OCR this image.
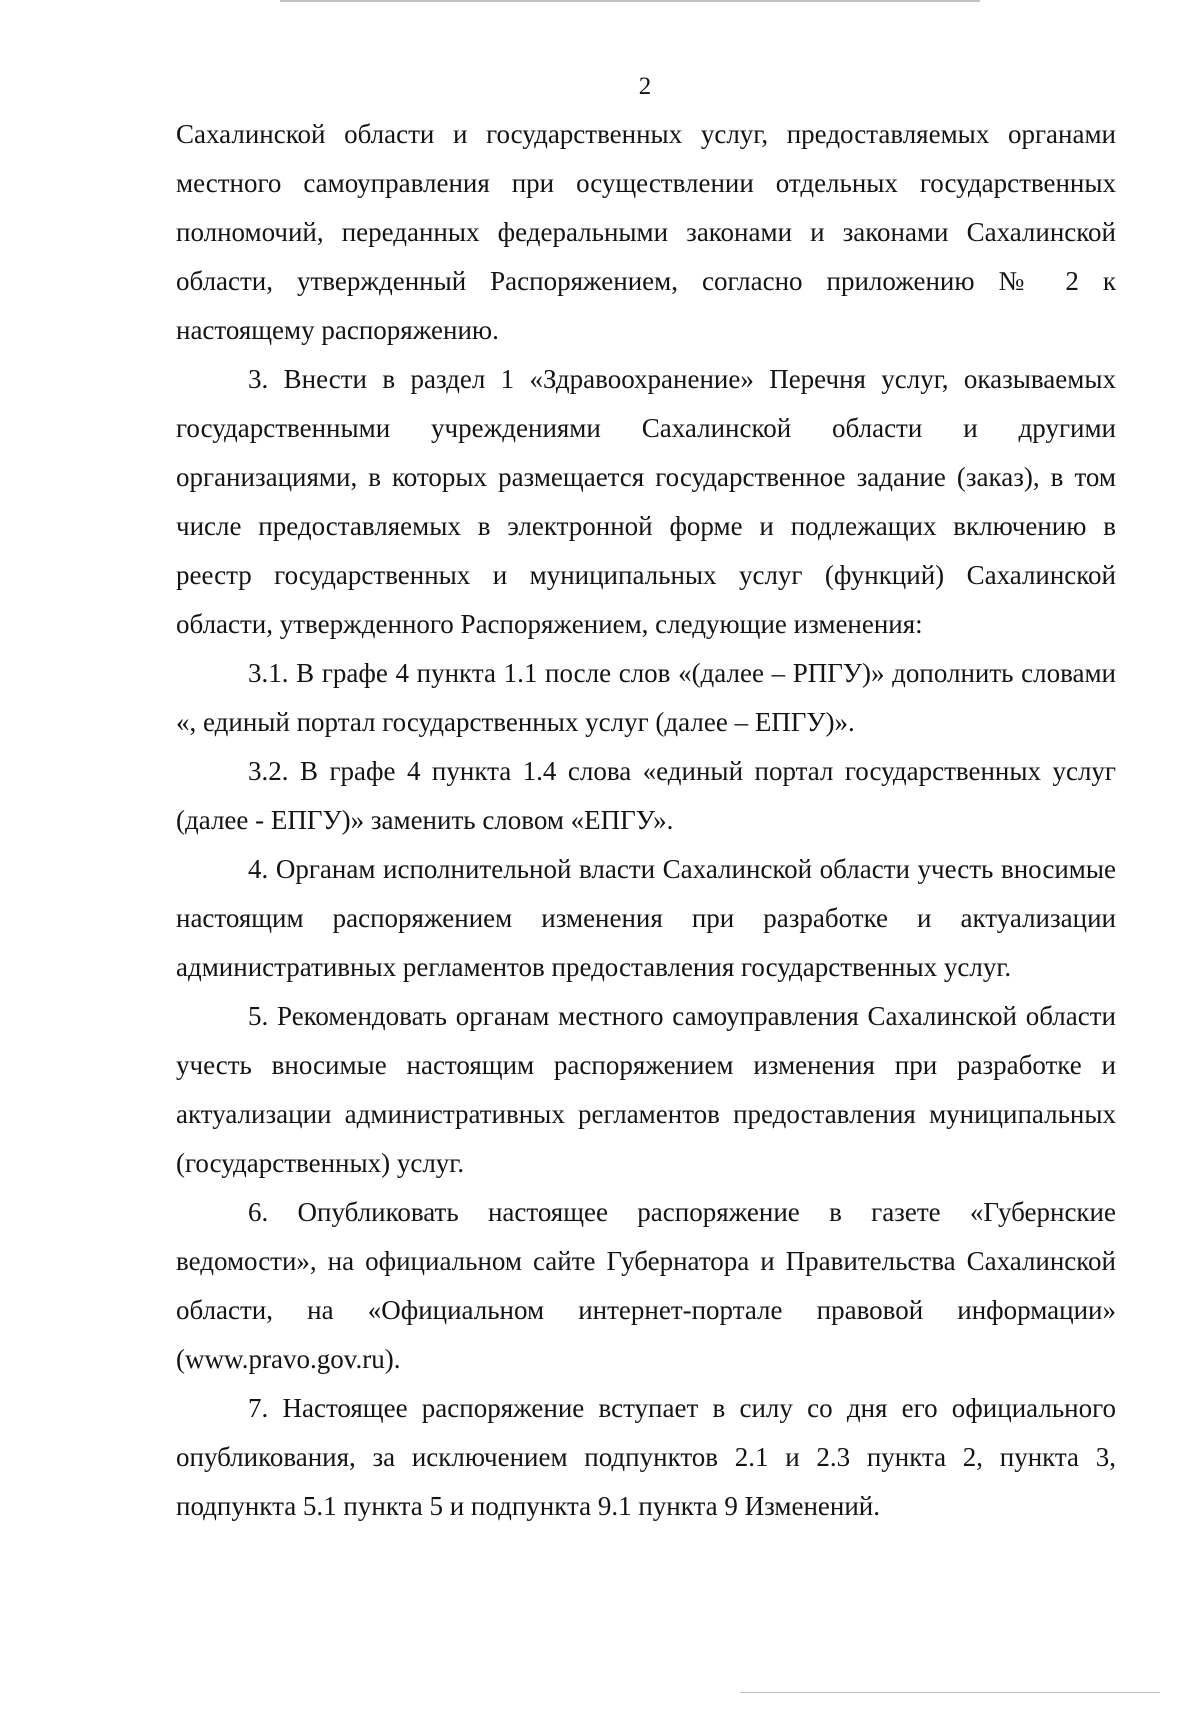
2

Сахалинской области и государственных услуг, предоставляемых органами местного самоуправления при осуществлении отдельных государственных полномочий, переданных федеральными законами и законами Сахалинской области, утвержденный Распоряжением, согласно приложению № 2 к настоящему распоряжению.

3. Внести в раздел 1 «Здравоохранение» Перечня услуг, оказываемых государственными учреждениями Сахалинской области и другими организациями, в которых размещается государственное задание (заказ), в том числе предоставляемых в электронной форме и подлежащих включению в реестр государственных и муниципальных услуг (функций) Сахалинской области, утвержденного Распоряжением, следующие изменения:

3.1. В графе 4 пункта 1.1 после слов «(далее – РПГУ)» дополнить словами «, единый портал государственных услуг (далее – ЕПГУ)».

3.2. В графе 4 пункта 1.4 слова «единый портал государственных услуг (далее - ЕПГУ)» заменить словом «ЕПГУ».

4. Органам исполнительной власти Сахалинской области учесть вносимые настоящим распоряжением изменения при разработке и актуализации административных регламентов предоставления государственных услуг.

5. Рекомендовать органам местного самоуправления Сахалинской области учесть вносимые настоящим распоряжением изменения при разработке и актуализации административных регламентов предоставления муниципальных (государственных) услуг.

6. Опубликовать настоящее распоряжение в газете «Губернские ведомости», на официальном сайте Губернатора и Правительства Сахалинской области, на «Официальном интернет-портале правовой информации» (www.pravo.gov.ru).

7. Настоящее распоряжение вступает в силу со дня его официального опубликования, за исключением подпунктов 2.1 и 2.3 пункта 2, пункта 3, подпункта 5.1 пункта 5 и подпункта 9.1 пункта 9 Изменений.
